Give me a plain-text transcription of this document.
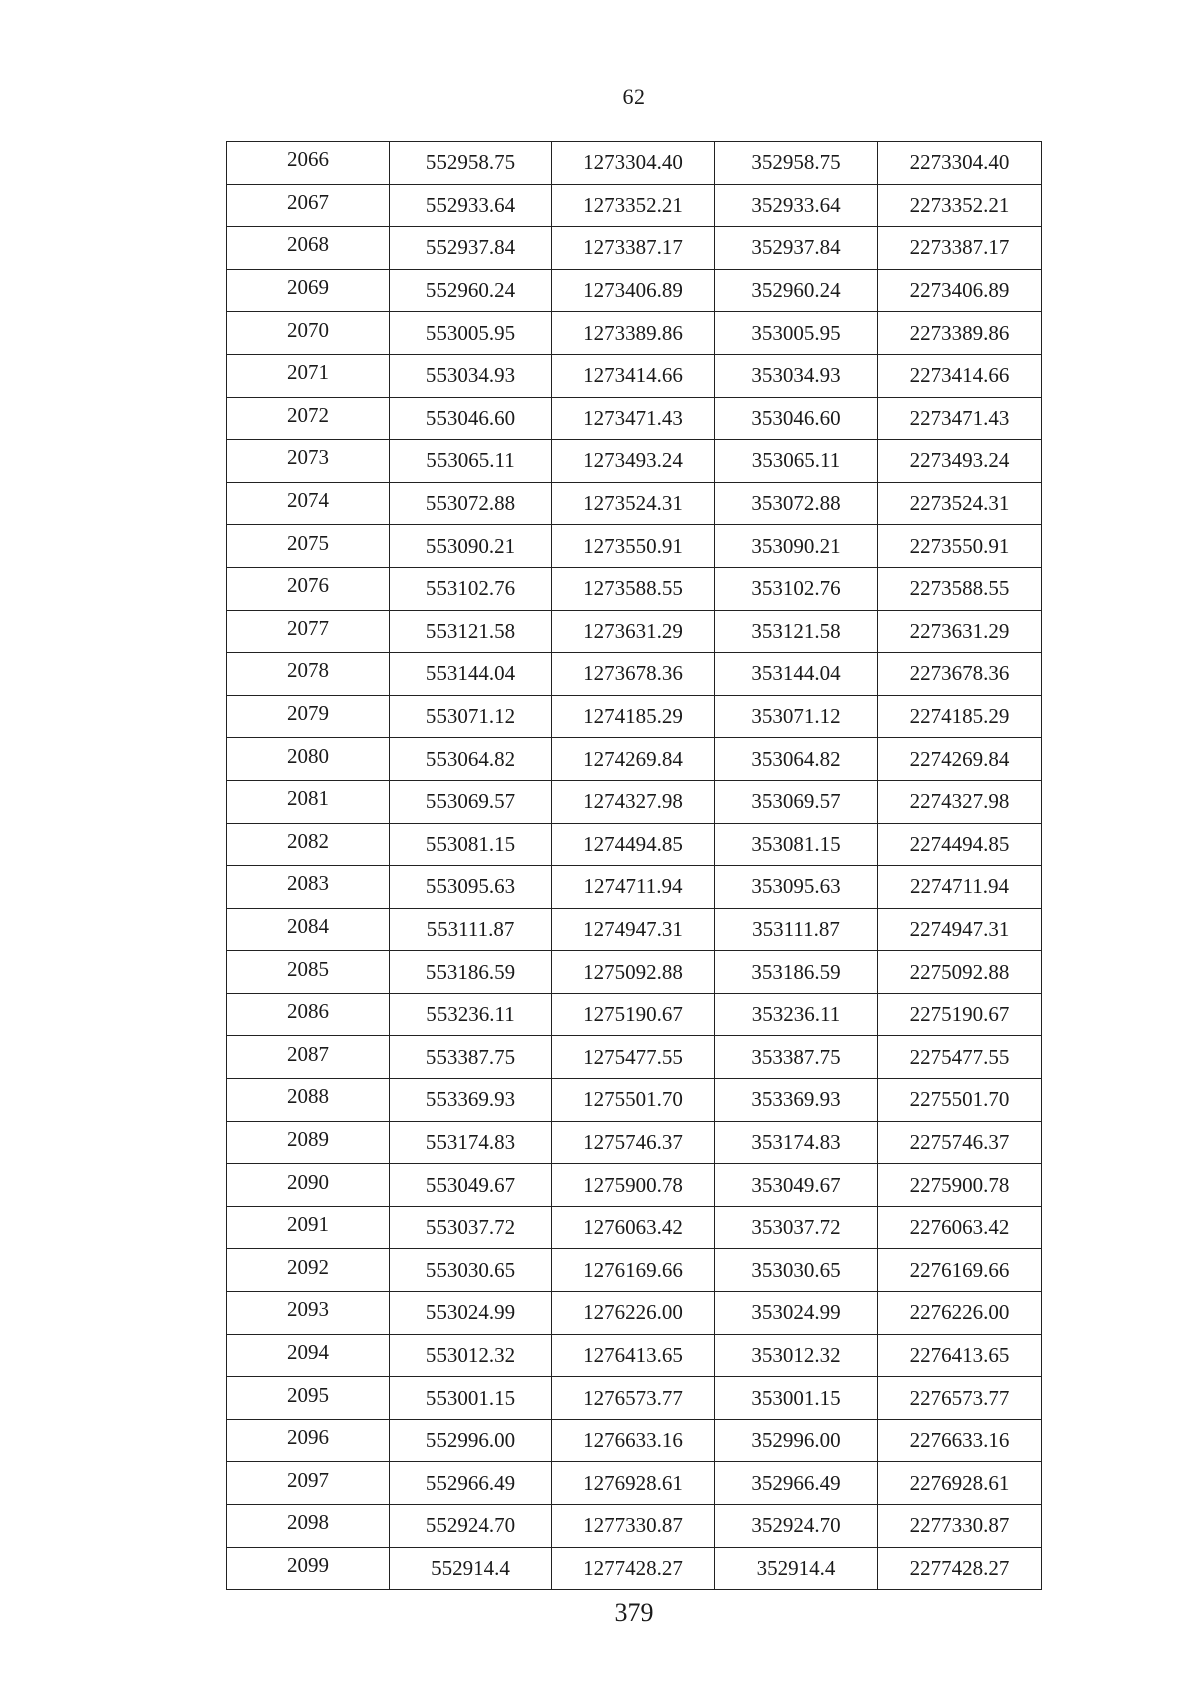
62
2066	552958.75	1273304.40	352958.75	2273304.40
2067	552933.64	1273352.21	352933.64	2273352.21
2068	552937.84	1273387.17	352937.84	2273387.17
2069	552960.24	1273406.89	352960.24	2273406.89
2070	553005.95	1273389.86	353005.95	2273389.86
2071	553034.93	1273414.66	353034.93	2273414.66
2072	553046.60	1273471.43	353046.60	2273471.43
2073	553065.11	1273493.24	353065.11	2273493.24
2074	553072.88	1273524.31	353072.88	2273524.31
2075	553090.21	1273550.91	353090.21	2273550.91
2076	553102.76	1273588.55	353102.76	2273588.55
2077	553121.58	1273631.29	353121.58	2273631.29
2078	553144.04	1273678.36	353144.04	2273678.36
2079	553071.12	1274185.29	353071.12	2274185.29
2080	553064.82	1274269.84	353064.82	2274269.84
2081	553069.57	1274327.98	353069.57	2274327.98
2082	553081.15	1274494.85	353081.15	2274494.85
2083	553095.63	1274711.94	353095.63	2274711.94
2084	553111.87	1274947.31	353111.87	2274947.31
2085	553186.59	1275092.88	353186.59	2275092.88
2086	553236.11	1275190.67	353236.11	2275190.67
2087	553387.75	1275477.55	353387.75	2275477.55
2088	553369.93	1275501.70	353369.93	2275501.70
2089	553174.83	1275746.37	353174.83	2275746.37
2090	553049.67	1275900.78	353049.67	2275900.78
2091	553037.72	1276063.42	353037.72	2276063.42
2092	553030.65	1276169.66	353030.65	2276169.66
2093	553024.99	1276226.00	353024.99	2276226.00
2094	553012.32	1276413.65	353012.32	2276413.65
2095	553001.15	1276573.77	353001.15	2276573.77
2096	552996.00	1276633.16	352996.00	2276633.16
2097	552966.49	1276928.61	352966.49	2276928.61
2098	552924.70	1277330.87	352924.70	2277330.87
2099	552914.4	1277428.27	352914.4	2277428.27
379
